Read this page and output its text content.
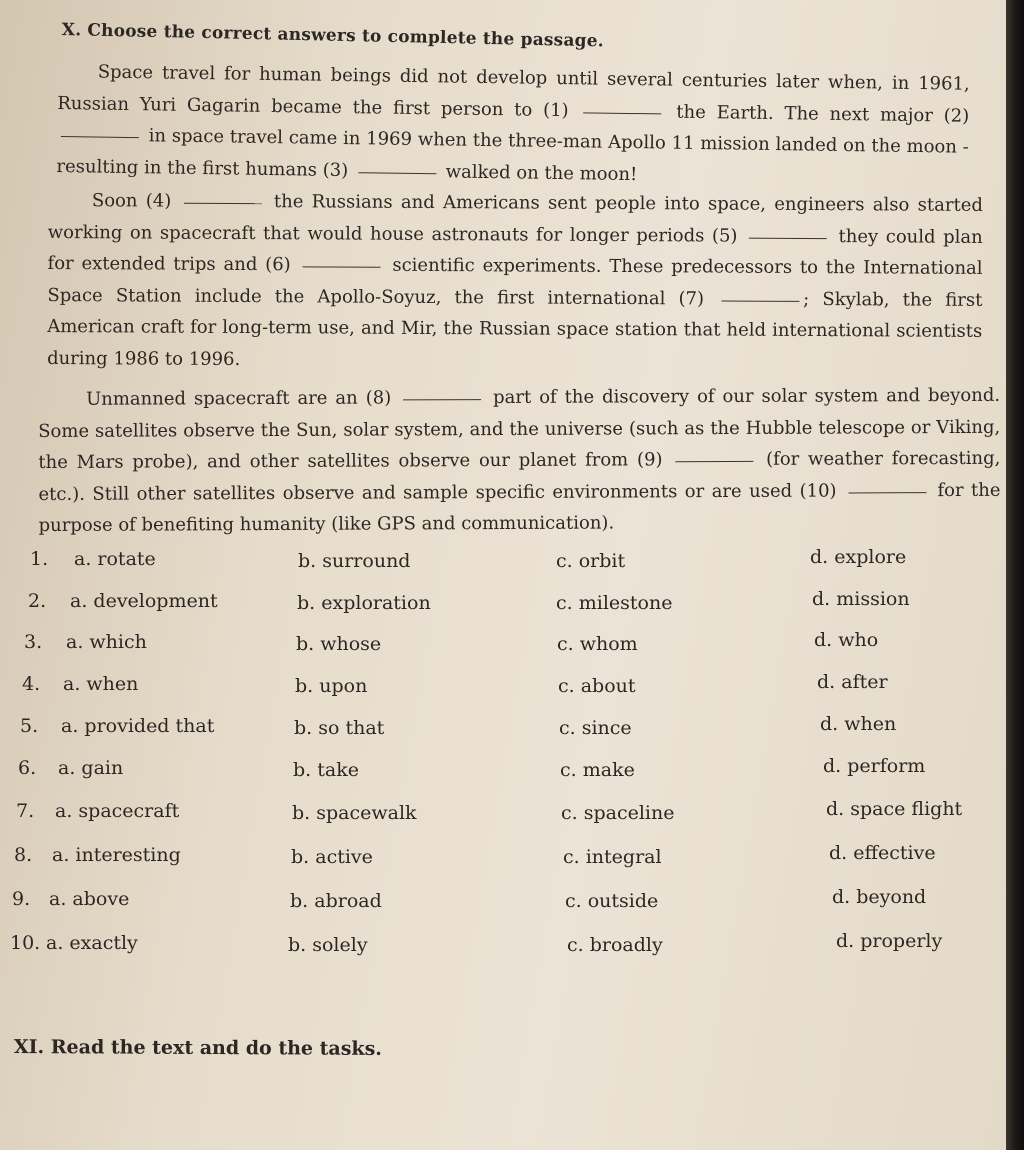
X. Choose the correct answers to complete the passage.
Space travel for human beings did not develop until several centuries later when, in 1961, Russian Yuri Gagarin became the first person to (1)	the Earth. The next major (2)  in space travel came in 1969 when the three-man Apollo 11 mission landed on the moon - resulting in the first humans (3)	walked on the moon!
Soon (4)	the Russians and Americans sent people into space, engineers also started working on spacecraft that would house astronauts for longer periods (5)	they could plan for extended trips and (6)	scientific experiments. These predecessors to the International Space Station include the Apollo-Soyuz, the first international (7)	; Skylab, the first American craft for long-term use, and Mir, the Russian space station that held international scientists during 1986 to 1996.
Unmanned spacecraft are an (8)	part of the discovery of our solar system and beyond. Some satellites observe the Sun, solar system, and the universe (such as the Hubble telescope or Viking, the Mars probe), and other satellites observe our planet from (9)	(for weather forecasting, etc.). Still other satellites observe and sample specific environments or are used (10)	for the purpose of benefiting humanity (like GPS and communication).
1. a. rotate	b. surround	c. orbit	d. explore
2. a. development	b. exploration	c. milestone	d. mission
3. a. which	b. whose	c. whom	d. who
4. a. when	b. upon	c. about	d. after
5. a. provided that	b. so that	c. since	d. when
6. a. gain	b. take	c. make	d. perform
7. a. spacecraft	b. spacewalk	c. spaceline	d. space flight
8. a. interesting	b. active	c. integral	d. effective
9. a. above	b. abroad	c. outside	d. beyond
10. a. exactly	b. solely	c. broadly	d. properly
XI. Read the text and do the tasks.
